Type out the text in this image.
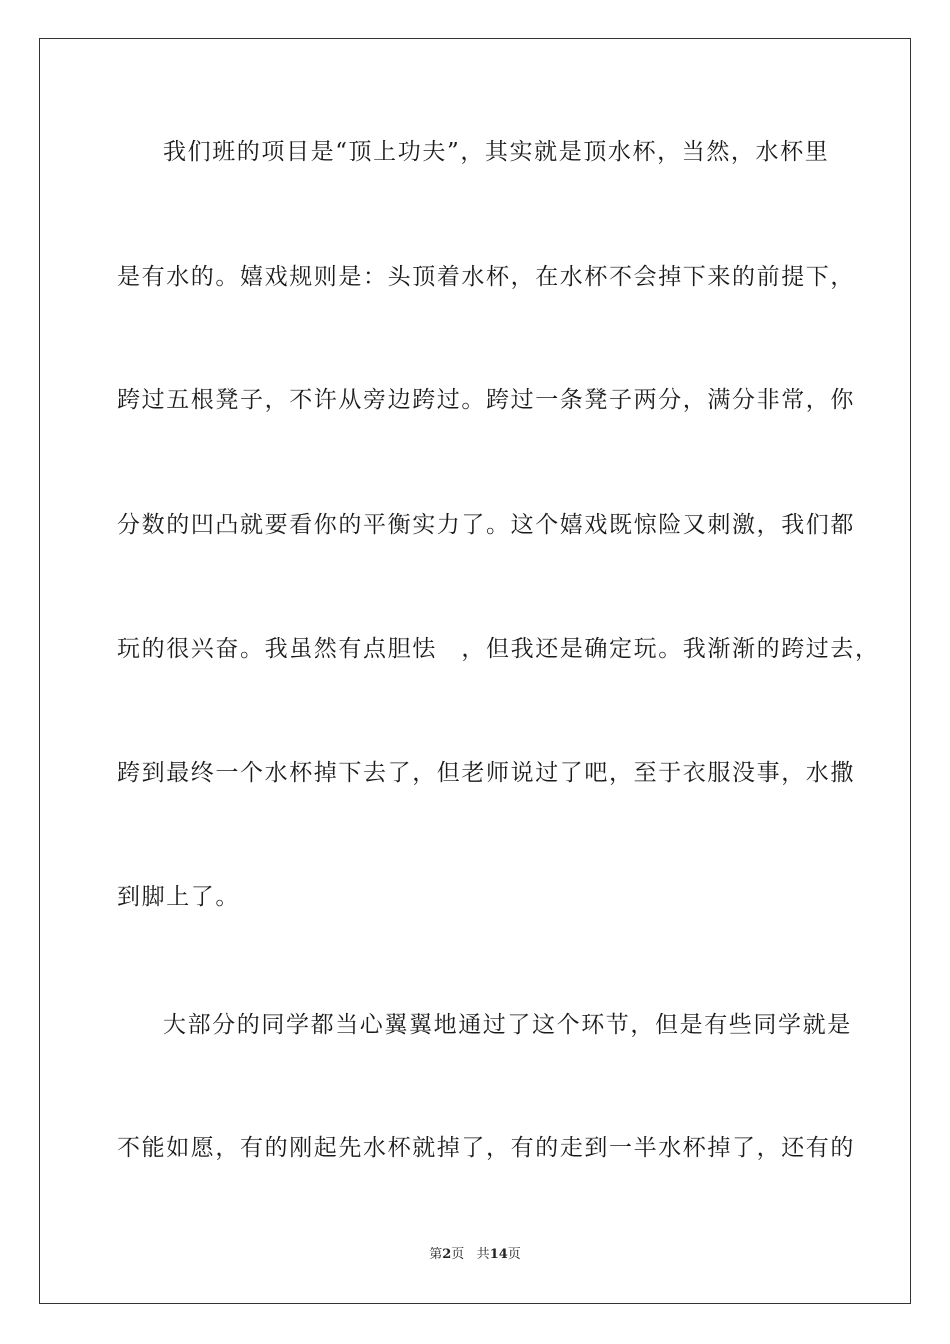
我们班的项目是“顶上功夫”，其实就是顶水杯，当然，水杯里
是有水的。嬉戏规则是：头顶着水杯，在水杯不会掉下来的前提下，
跨过五根凳子，不许从旁边跨过。跨过一条凳子两分，满分非常，你
分数的凹凸就要看你的平衡实力了。这个嬉戏既惊险又刺激，我们都
玩的很兴奋。我虽然有点胆怯　，但我还是确定玩。我渐渐的跨过去，
跨到最终一个水杯掉下去了，但老师说过了吧，至于衣服没事，水撒
到脚上了。
大部分的同学都当心翼翼地通过了这个环节，但是有些同学就是
不能如愿，有的刚起先水杯就掉了，有的走到一半水杯掉了，还有的
第2页 共14页
